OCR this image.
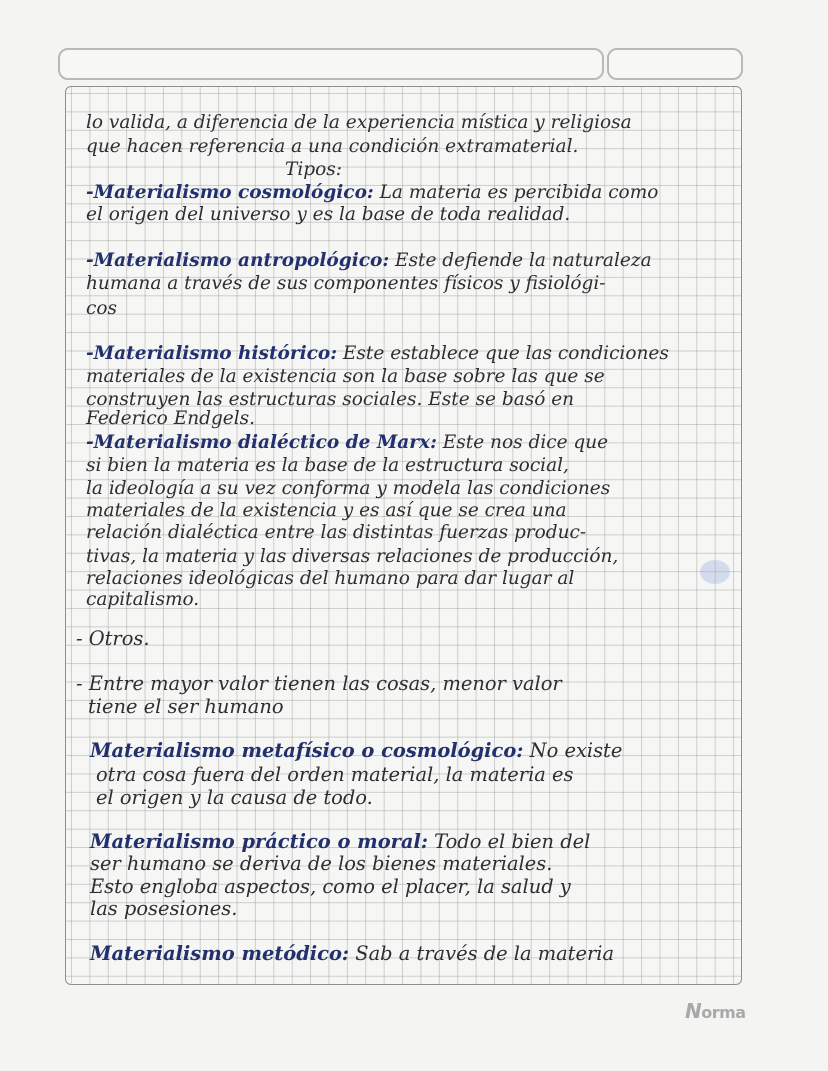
lo valida, a diferencia de la experiencia mística y religiosa
que hacen referencia a una condición extramaterial.
Tipos:
-Materialismo cosmológico: La materia es percibida como
el origen del universo y es la base de toda realidad.
-Materialismo antropológico: Este defiende la naturaleza
humana a través de sus componentes físicos y fisiológi-
cos
-Materialismo histórico: Este establece que las condiciones
materiales de la existencia son la base sobre las que se
construyen las estructuras sociales. Este se basó en
Federico Endgels.
-Materialismo dialéctico de Marx: Este nos dice que
si bien la materia es la base de la estructura social,
la ideología a su vez conforma y modela las condiciones
materiales de la existencia y es así que se crea una
relación dialéctica entre las distintas fuerzas produc-
tivas, la materia y las diversas relaciones de producción,
relaciones ideológicas del humano para dar lugar al
capitalismo.
- Otros.
- Entre mayor valor tienen las cosas, menor valor
tiene el ser humano
Materialismo metafísico o cosmológico: No existe
otra cosa fuera del orden material, la materia es
el origen y la causa de todo.
Materialismo práctico o moral: Todo el bien del
ser humano se deriva de los bienes materiales.
Esto engloba aspectos, como el placer, la salud y
las posesiones.
Materialismo metódico: Sab a través de la materia
Norma
